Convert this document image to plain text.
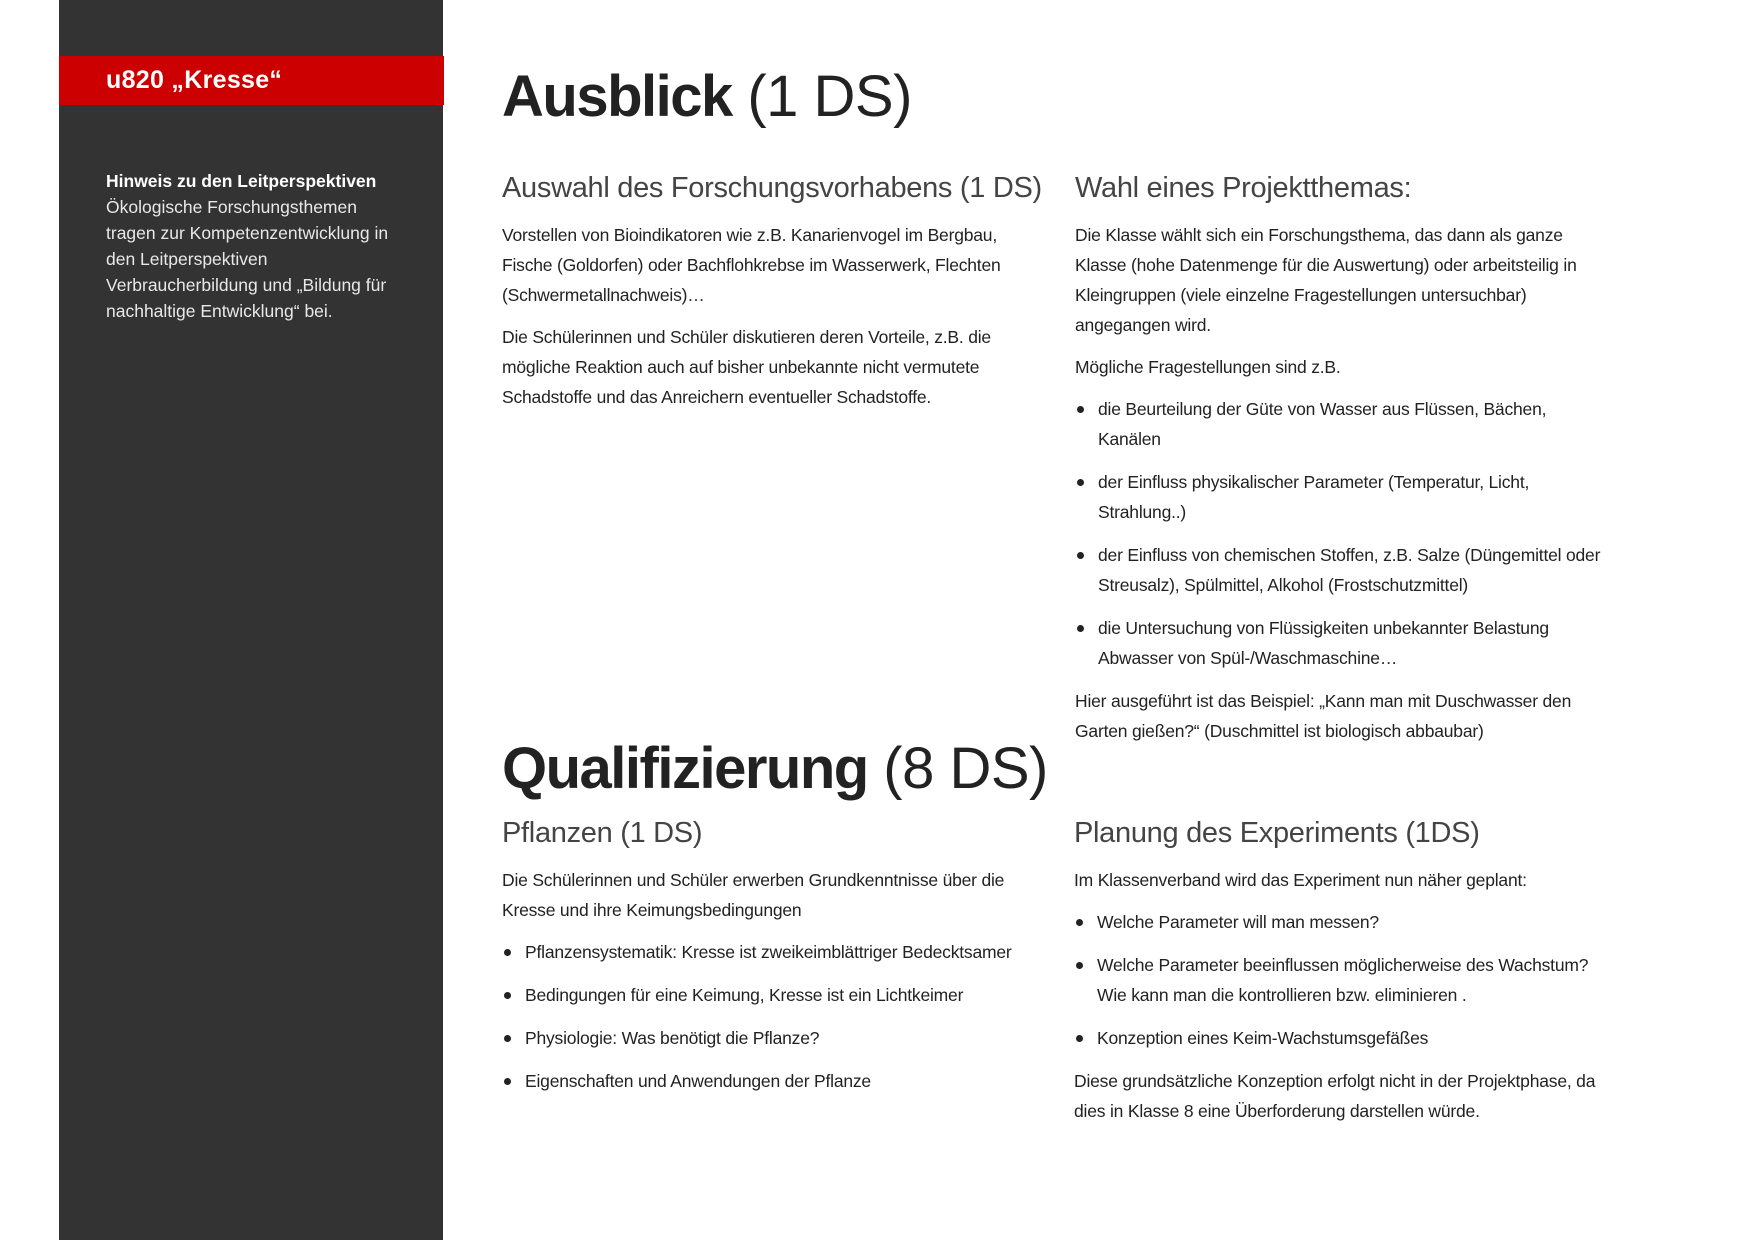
u820 „Kresse“
Hinweis zu den Leitperspektiven
Ökologische Forschungsthemen tragen zur Kompetenzentwicklung in den Leitperspektiven Verbraucherbildung und „Bildung für nachhaltige Entwicklung“ bei.
Ausblick (1 DS)
Auswahl des Forschungsvorhabens (1 DS)

Vorstellen von Bioindikatoren wie z.B. Kanarienvogel im Bergbau, Fische (Goldorfen) oder Bachflohkrebse im Wasserwerk, Flechten (Schwermetallnachweis)…

Die Schülerinnen und Schüler diskutieren deren Vorteile, z.B. die mögliche Reaktion auch auf bisher unbekannte nicht vermutete Schadstoffe und das Anreichern eventueller Schadstoffe.

Wahl eines Projektthemas:

Die Klasse wählt sich ein Forschungsthema, das dann als ganze Klasse (hohe Datenmenge für die Auswertung) oder arbeitsteilig in Kleingruppen (viele einzelne Fragestellungen untersuchbar) angegangen wird.

Mögliche Fragestellungen sind z.B.

die Beurteilung der Güte von Wasser aus Flüssen, Bächen, Kanälen
der Einfluss physikalischer Parameter (Temperatur, Licht, Strahlung..)
der Einfluss von chemischen Stoffen, z.B. Salze (Düngemittel oder Streusalz), Spülmittel, Alkohol (Frostschutzmittel)
die Untersuchung von Flüssigkeiten unbekannter Belastung Abwasser von Spül-/Waschmaschine…

Hier ausgeführt ist das Beispiel: „Kann man mit Duschwasser den Garten gießen?“ (Duschmittel ist biologisch abbaubar)

Qualifizierung (8 DS)
Pflanzen (1 DS)

Die Schülerinnen und Schüler erwerben Grundkenntnisse über die Kresse und ihre Keimungsbedingungen

Pflanzensystematik: Kresse ist zweikeimblättriger Bedecktsamer
Bedingungen für eine Keimung, Kresse ist ein Lichtkeimer
Physiologie: Was benötigt die Pflanze?
Eigenschaften und Anwendungen der Pflanze
Planung des Experiments (1DS)

Im Klassenverband wird das Experiment nun näher geplant:

Welche Parameter will man messen?
Welche Parameter beeinflussen möglicherweise des Wachstum? Wie kann man die kontrollieren bzw. eliminieren .
Konzeption eines Keim-Wachstumsgefäßes

Diese grundsätzliche Konzeption erfolgt nicht in der Projektphase, da dies in Klasse 8 eine Überforderung darstellen würde.
